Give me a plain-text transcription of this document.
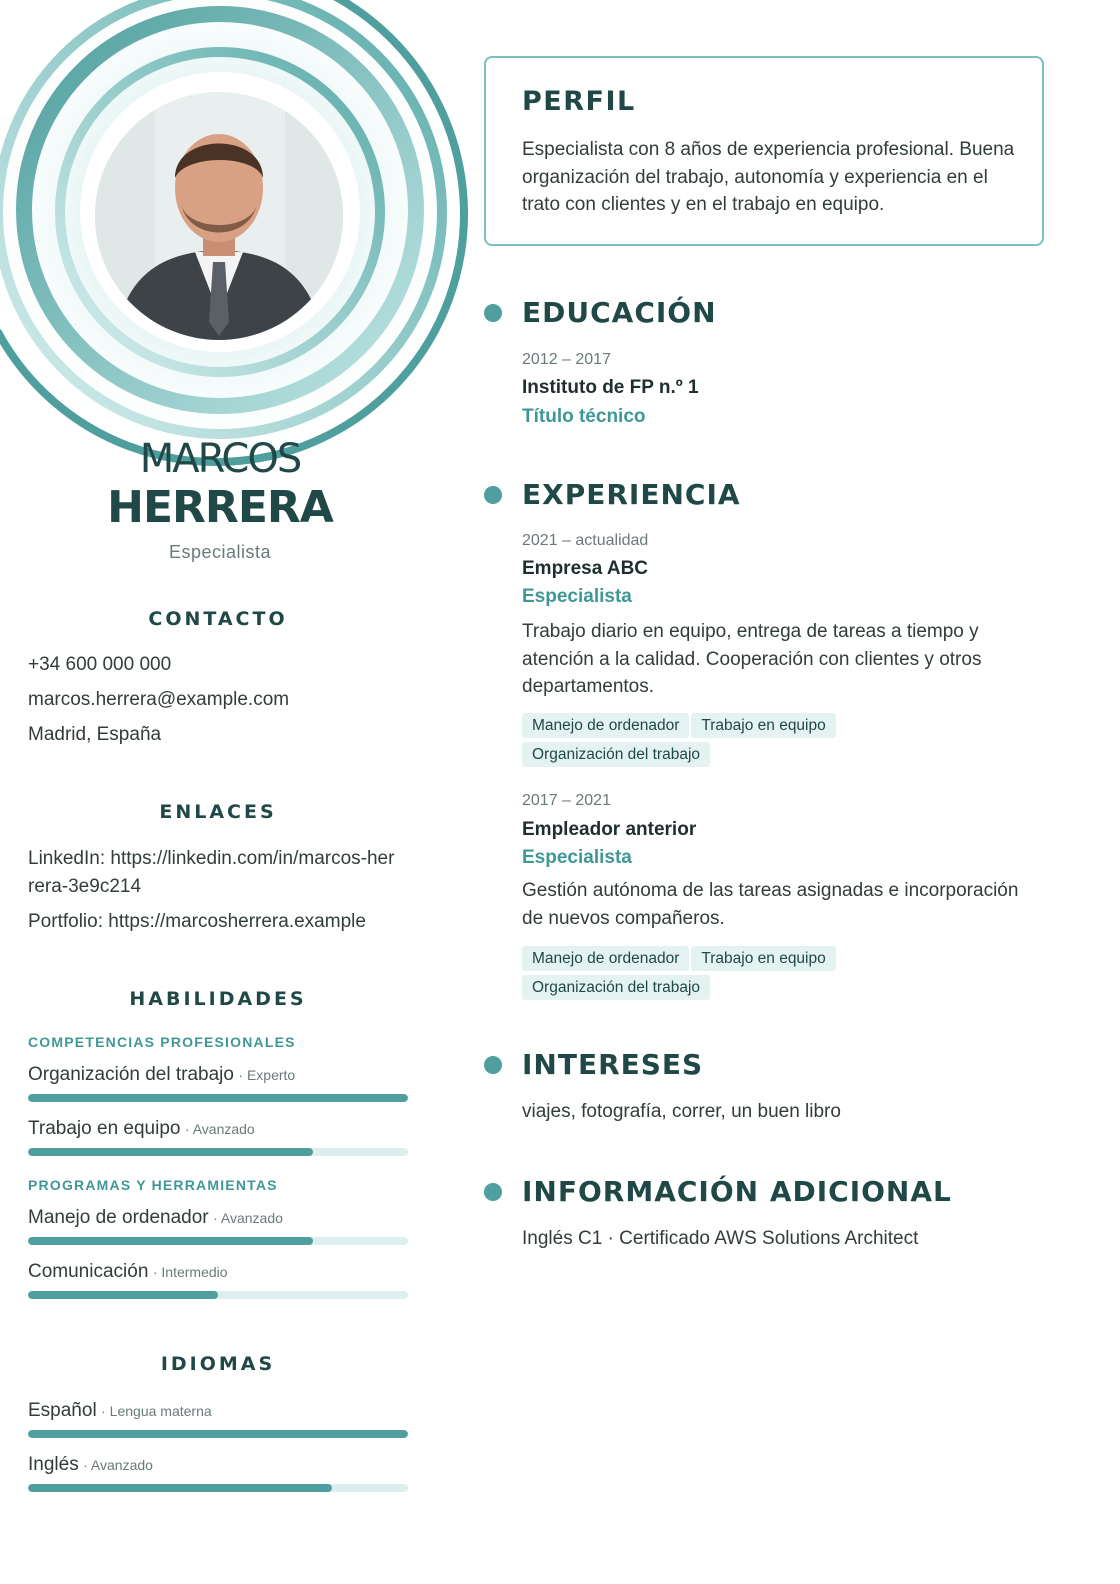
MARCOS
HERRERA
Especialista
CONTACTO
+34 600 000 000
marcos.herrera@example.com
Madrid, España
ENLACES
LinkedIn: https://linkedin.com/in/marcos-herrera-3e9c214
Portfolio: https://marcosherrera.example
HABILIDADES
COMPETENCIAS PROFESIONALES
Organización del trabajo · Experto
Trabajo en equipo · Avanzado
PROGRAMAS Y HERRAMIENTAS
Manejo de ordenador · Avanzado
Comunicación · Intermedio
IDIOMAS
Español · Lengua materna
Inglés · Avanzado
PERFIL
Especialista con 8 años de experiencia profesional. Buena organización del trabajo, autonomía y experiencia en el trato con clientes y en el trabajo en equipo.
EDUCACIÓN
2012 – 2017
Instituto de FP n.º 1
Título técnico
EXPERIENCIA
2021 – actualidad
Empresa ABC
Especialista
Trabajo diario en equipo, entrega de tareas a tiempo y atención a la calidad. Cooperación con clientes y otros departamentos.
Manejo de ordenador Trabajo en equipoOrganización del trabajo
2017 – 2021
Empleador anterior
Especialista
Gestión autónoma de las tareas asignadas e incorporación de nuevos compañeros.
Manejo de ordenador Trabajo en equipoOrganización del trabajo
INTERESES
viajes, fotografía, correr, un buen libro
INFORMACIÓN ADICIONAL
Inglés C1 · Certificado AWS Solutions Architect
